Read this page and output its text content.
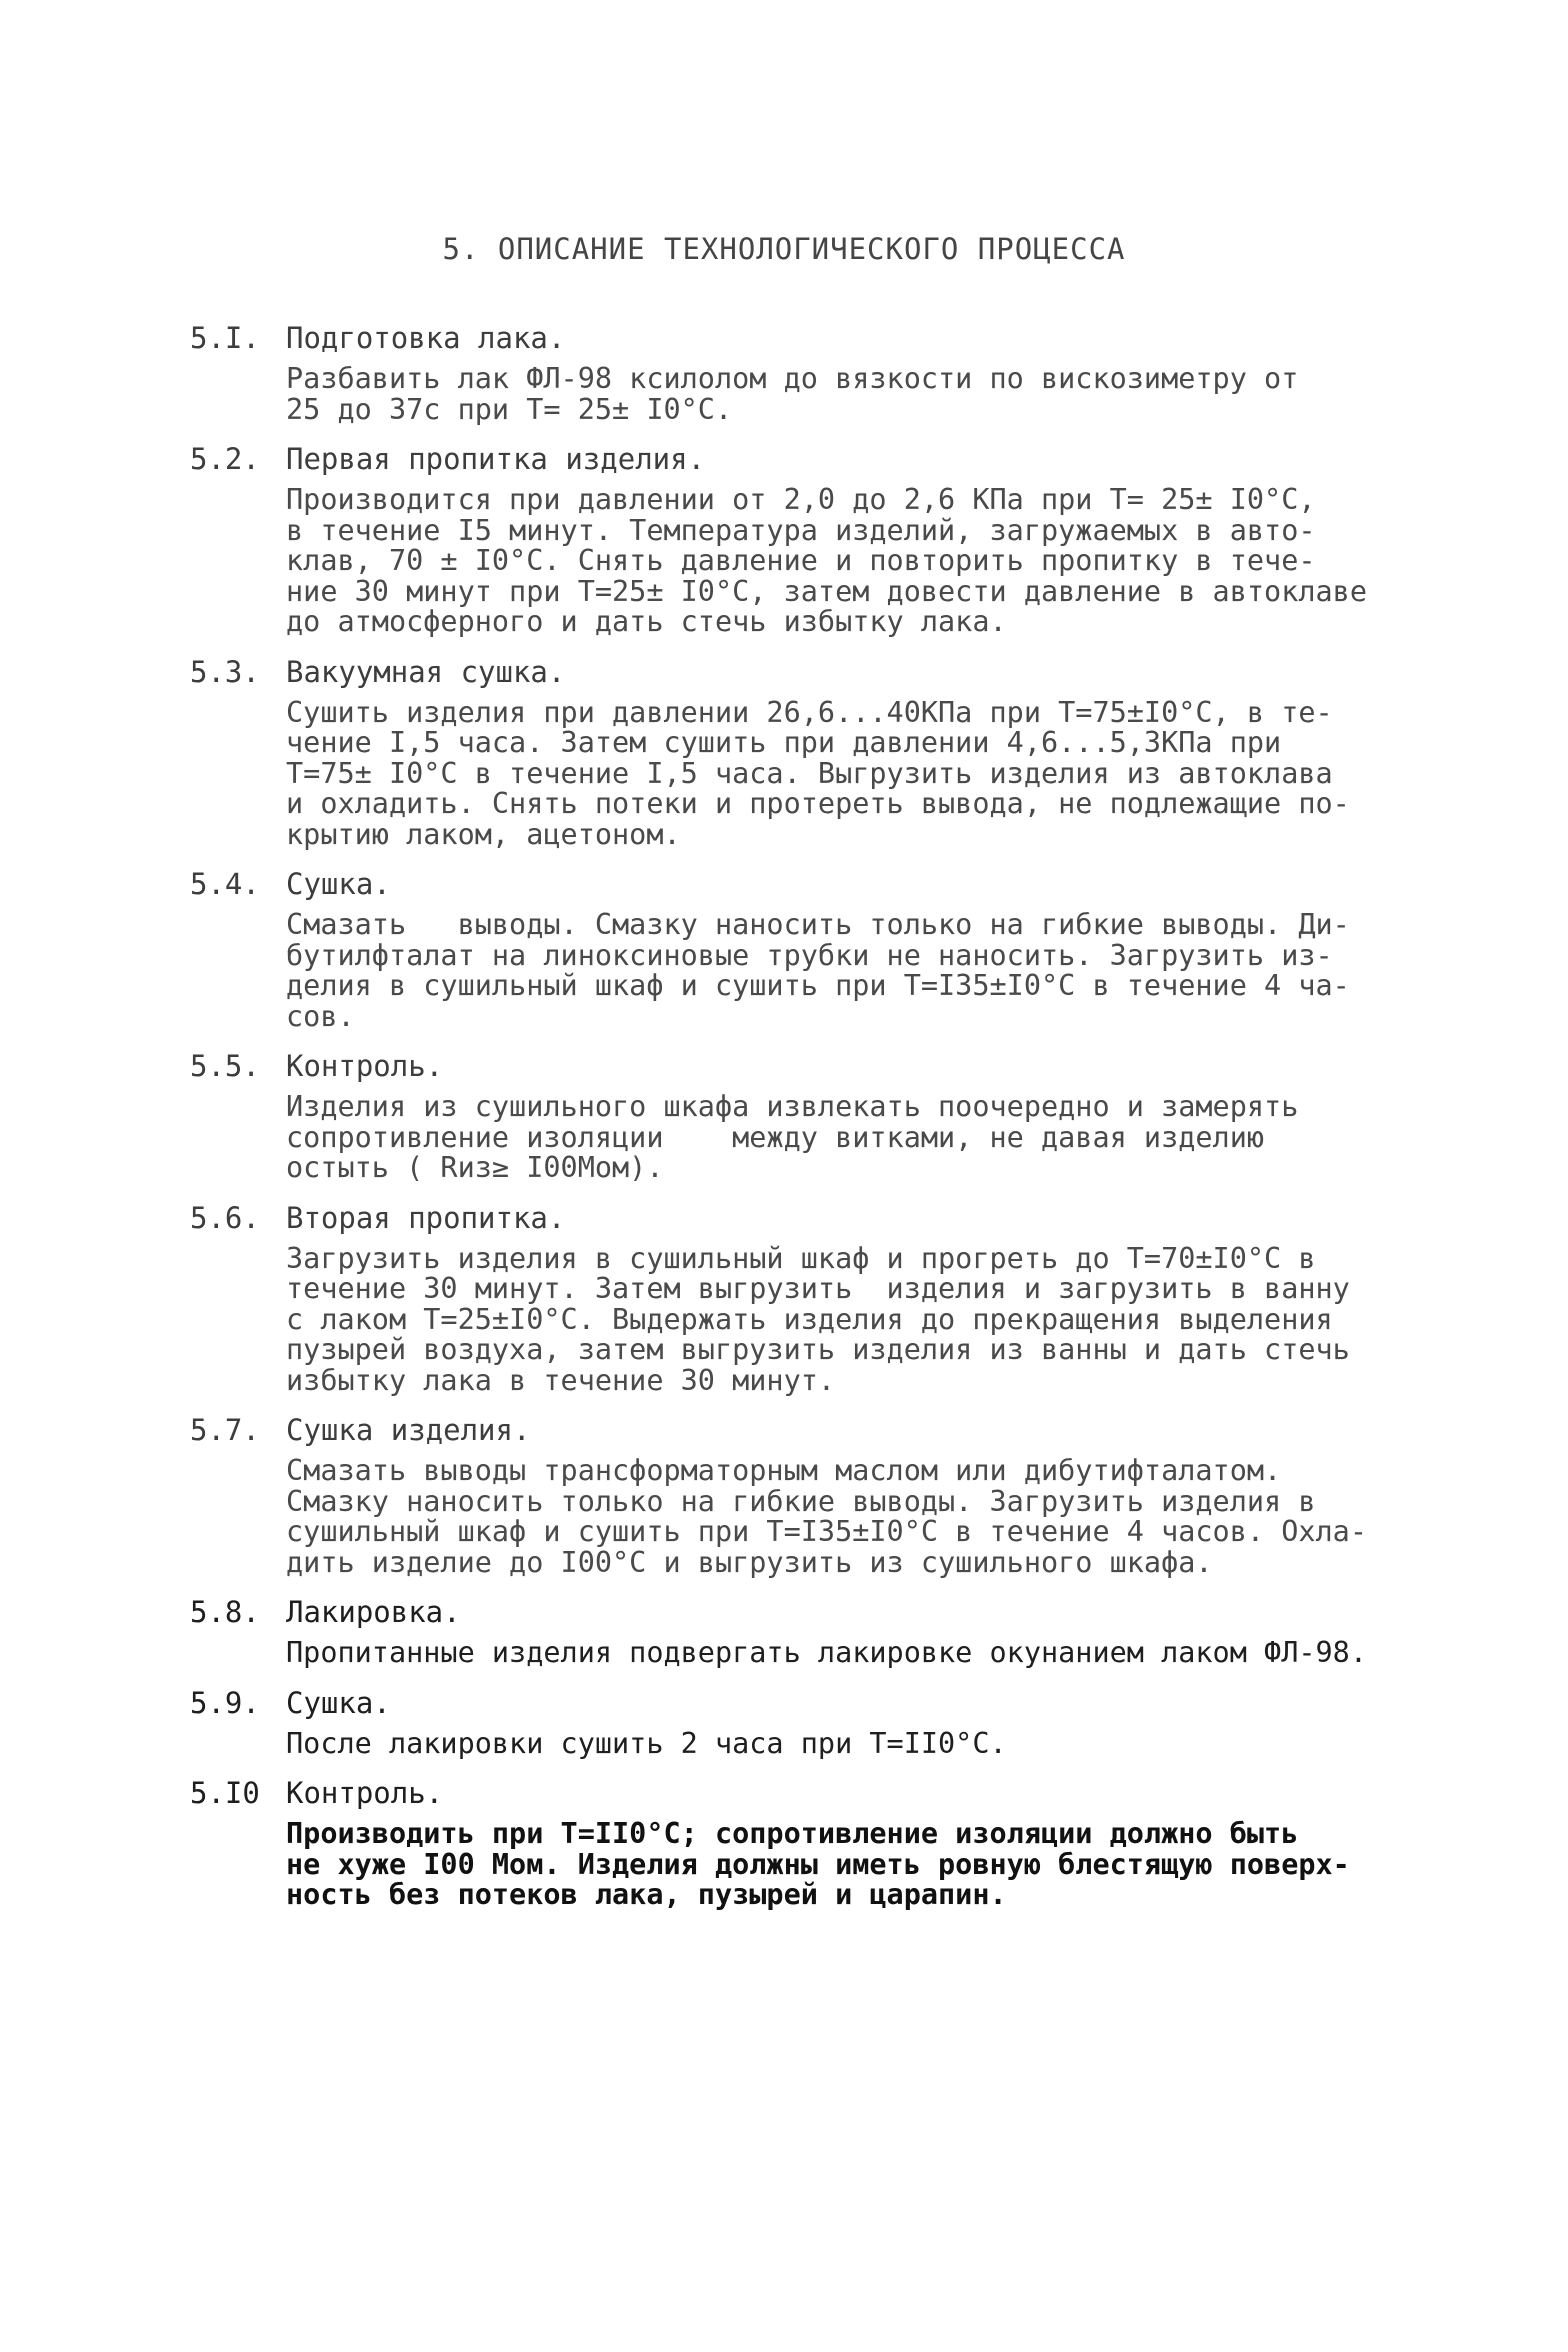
5. ОПИСАНИЕ ТЕХНОЛОГИЧЕСКОГО ПРОЦЕССА
5.I. Подготовка лака.
Разбавить лак ФЛ-98 ксилолом до вязкости по вискозиметру от
25 до 37с при Т= 25± I0°С.
5.2. Первая пропитка изделия.
Производится при давлении от 2,0 до 2,6 КПа при Т= 25± I0°С,
в течение I5 минут. Температура изделий, загружаемых в авто-
клав, 70 ± I0°С. Снять давление и повторить пропитку в тече-
ние 30 минут при Т=25± I0°С, затем довести давление в автоклаве
до атмосферного и дать стечь избытку лака.
5.3. Вакуумная сушка.
Сушить изделия при давлении 26,6...40КПа при Т=75±I0°С, в те-
чение I,5 часа. Затем сушить при давлении 4,6...5,3КПа при
Т=75± I0°С в течение I,5 часа. Выгрузить изделия из автоклава
и охладить. Снять потеки и протереть вывода, не подлежащие по-
крытию лаком, ацетоном.
5.4. Сушка.
Смазать   выводы. Смазку наносить только на гибкие выводы. Ди-
бутилфталат на линоксиновые трубки не наносить. Загрузить из-
делия в сушильный шкаф и сушить при Т=I35±I0°С в течение 4 ча-
сов.
5.5. Контроль.
Изделия из сушильного шкафа извлекать поочередно и замерять
сопротивление изоляции    между витками, не давая изделию
остыть ( Rиз≥ I00Мом).
5.6. Вторая пропитка.
Загрузить изделия в сушильный шкаф и прогреть до Т=70±I0°С в
течение 30 минут. Затем выгрузить  изделия и загрузить в ванну
с лаком Т=25±I0°С. Выдержать изделия до прекращения выделения
пузырей воздуха, затем выгрузить изделия из ванны и дать стечь
избытку лака в течение 30 минут.
5.7. Сушка изделия.
Смазать выводы трансформаторным маслом или дибутифталатом.
Смазку наносить только на гибкие выводы. Загрузить изделия в
сушильный шкаф и сушить при Т=I35±I0°С в течение 4 часов. Охла-
дить изделие до I00°С и выгрузить из сушильного шкафа.
5.8. Лакировка.
Пропитанные изделия подвергать лакировке окунанием лаком ФЛ-98.
5.9. Сушка.
После лакировки сушить 2 часа при Т=II0°С.
5.I0 Контроль.
Производить при Т=II0°С; сопротивление изоляции должно быть
не хуже I00 Мом. Изделия должны иметь ровную блестящую поверх-
ность без потеков лака, пузырей и царапин.
